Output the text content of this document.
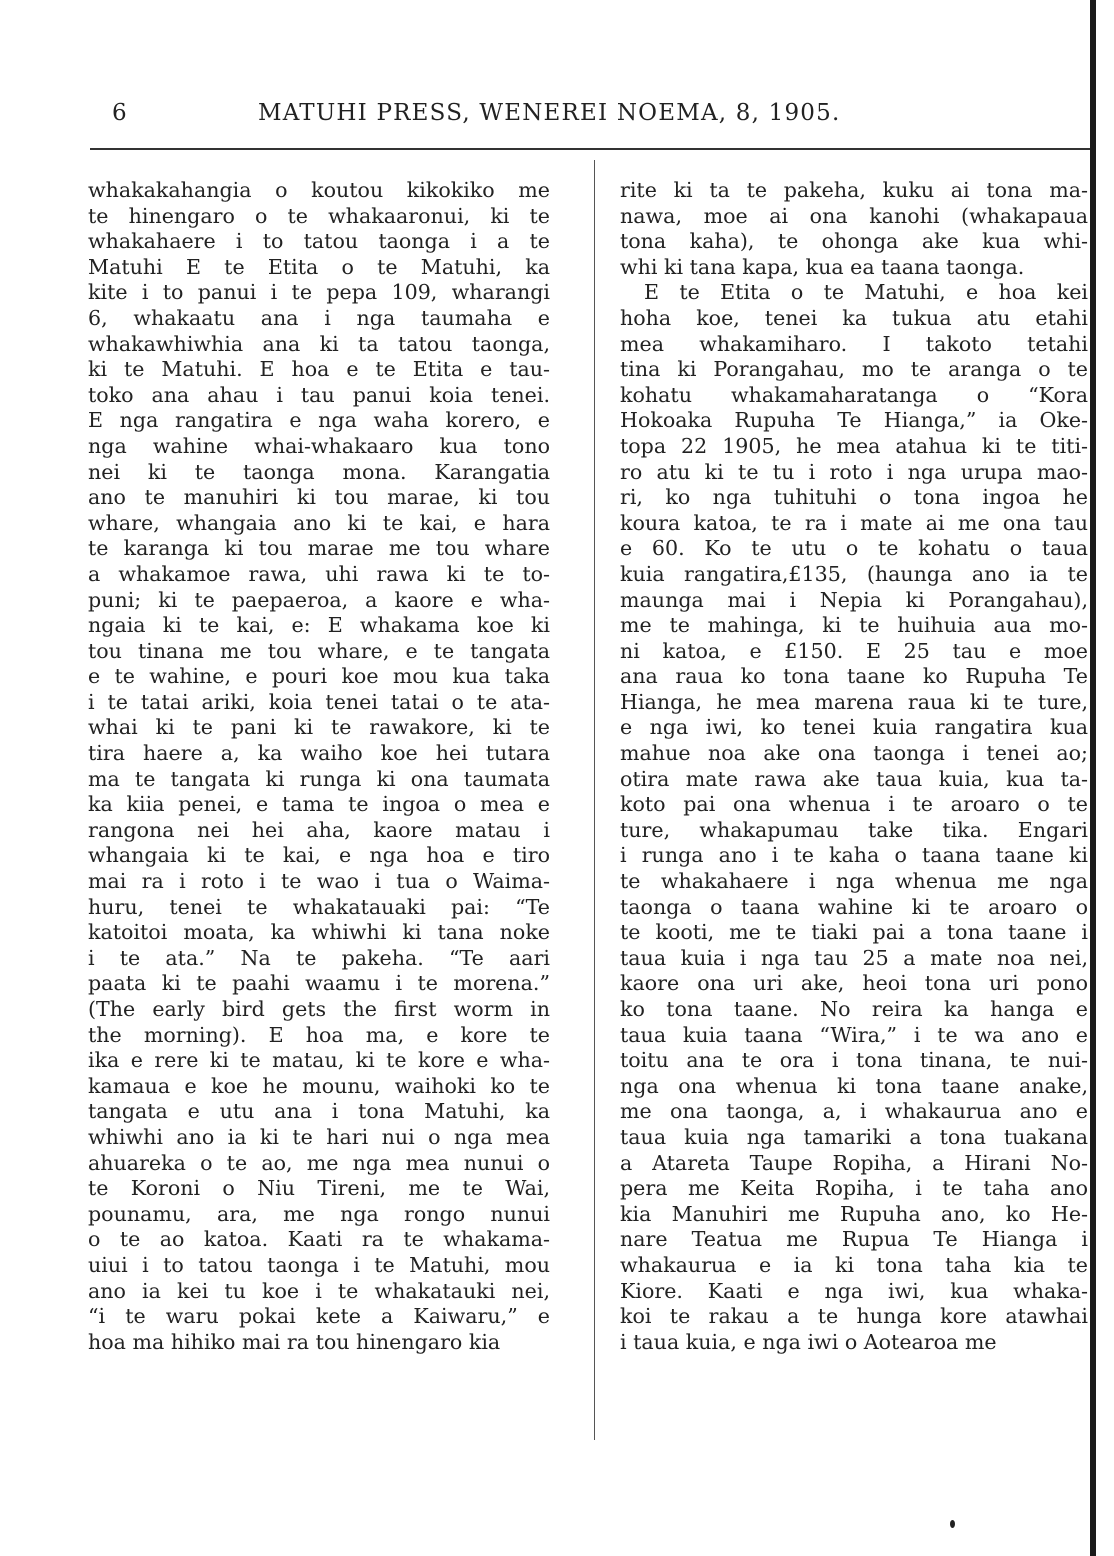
6	MATUHI PRESS, WENEREI NOEMA, 8, 1905.
whakakahangia o koutou kikokiko me
te hinengaro o te whakaaronui, ki te
whakahaere i to tatou taonga i a te
Matuhi E te Etita o te Matuhi, ka
kite i to panui i te pepa 109, wharangi
6, whakaatu ana i nga taumaha e
whakawhiwhia ana ki ta tatou taonga,
ki te Matuhi. E hoa e te Etita e tau-
toko ana ahau i tau panui koia tenei.
E nga rangatira e nga waha korero, e
nga wahine whai-whakaaro kua tono
nei ki te taonga mona. Karangatia
ano te manuhiri ki tou marae, ki tou
whare, whangaia ano ki te kai, e hara
te karanga ki tou marae me tou whare
a whakamoe rawa, uhi rawa ki te to-
puni; ki te paepaeroa, a kaore e wha-
ngaia ki te kai, e: E whakama koe ki
tou tinana me tou whare, e te tangata
e te wahine, e pouri koe mou kua taka
i te tatai ariki, koia tenei tatai o te ata-
whai ki te pani ki te rawakore, ki te
tira haere a, ka waiho koe hei tutara
ma te tangata ki runga ki ona taumata
ka kiia penei, e tama te ingoa o mea e
rangona nei hei aha, kaore matau i
whangaia ki te kai, e nga hoa e tiro
mai ra i roto i te wao i tua o Waima-
huru, tenei te whakatauaki pai: “Te
katoitoi moata, ka whiwhi ki tana noke
i te ata.” Na te pakeha. “Te aari
paata ki te paahi waamu i te morena.”
(The early bird gets the first worm in
the morning). E hoa ma, e kore te
ika e rere ki te matau, ki te kore e wha-
kamaua e koe he mounu, waihoki ko te
tangata e utu ana i tona Matuhi, ka
whiwhi ano ia ki te hari nui o nga mea
ahuareka o te ao, me nga mea nunui o
te Koroni o Niu Tireni, me te Wai,
pounamu, ara, me nga rongo nunui
o te ao katoa. Kaati ra te whakama-
uiui i to tatou taonga i te Matuhi, mou
ano ia kei tu koe i te whakatauki nei,
“i te waru pokai kete a Kaiwaru,” e
hoa ma hihiko mai ra tou hinengaro kia
rite ki ta te pakeha, kuku ai tona ma-
nawa, moe ai ona kanohi (whakapaua
tona kaha), te ohonga ake kua whi-
whi ki tana kapa, kua ea taana taonga.
E te Etita o te Matuhi, e hoa kei
hoha koe, tenei ka tukua atu etahi
mea whakamiharo. I takoto tetahi
tina ki Porangahau, mo te aranga o te
kohatu whakamaharatanga o “Kora
Hokoaka Rupuha Te Hianga,” ia Oke-
topa 22 1905, he mea atahua ki te titi-
ro atu ki te tu i roto i nga urupa mao-
ri, ko nga tuhituhi o tona ingoa he
koura katoa, te ra i mate ai me ona tau
e 60. Ko te utu o te kohatu o taua
kuia rangatira,£135, (haunga ano ia te
maunga mai i Nepia ki Porangahau),
me te mahinga, ki te huihuia aua mo-
ni katoa, e £150. E 25 tau e moe
ana raua ko tona taane ko Rupuha Te
Hianga, he mea marena raua ki te ture,
e nga iwi, ko tenei kuia rangatira kua
mahue noa ake ona taonga i tenei ao;
otira mate rawa ake taua kuia, kua ta-
koto pai ona whenua i te aroaro o te
ture, whakapumau take tika. Engari
i runga ano i te kaha o taana taane ki
te whakahaere i nga whenua me nga
taonga o taana wahine ki te aroaro o
te kooti, me te tiaki pai a tona taane i
taua kuia i nga tau 25 a mate noa nei,
kaore ona uri ake, heoi tona uri pono
ko tona taane. No reira ka hanga e
taua kuia taana “Wira,” i te wa ano e
toitu ana te ora i tona tinana, te nui-
nga ona whenua ki tona taane anake,
me ona taonga, a, i whakaurua ano e
taua kuia nga tamariki a tona tuakana
a Atareta Taupe Ropiha, a Hirani No-
pera me Keita Ropiha, i te taha ano
kia Manuhiri me Rupuha ano, ko He-
nare Teatua me Rupua Te Hianga i
whakaurua e ia ki tona taha kia te
Kiore. Kaati e nga iwi, kua whaka-
koi te rakau a te hunga kore atawhai
i taua kuia, e nga iwi o Aotearoa me
